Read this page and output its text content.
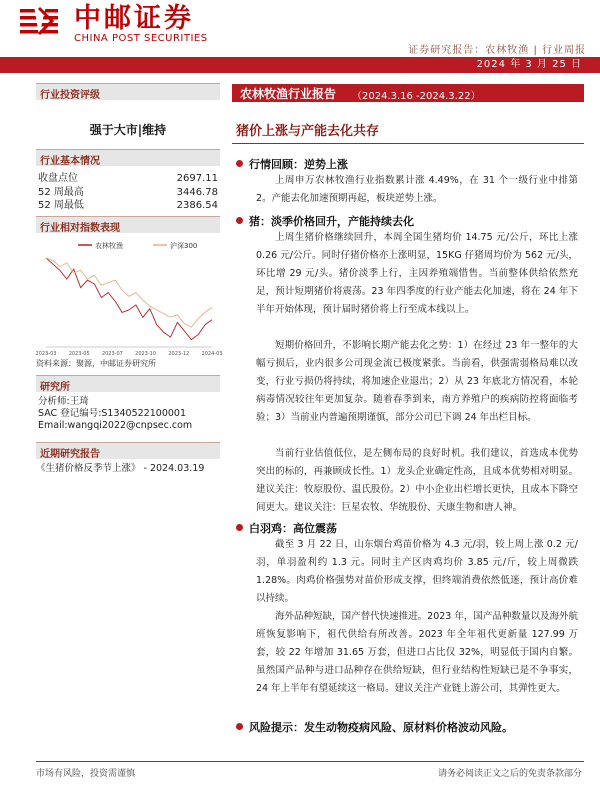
中邮证券
CHINA POST SECURITIES
证券研究报告：农林牧渔 | 行业周报
2024 年 3 月 25 日
行业投资评级
强于大市|维持
行业基本情况
收盘点位	2697.11
52 周最高	3446.78
52 周最低	2386.54
行业相对指数表现
农林牧渔	沪深300
2023-03 2023-05 2023-07 2023-10 2023-12 2024-03
资料来源：聚源，中邮证券研究所
研究所
分析师:王琦
SAC 登记编号:S1340522100001
Email:wangqi2022@cnpsec.com
近期研究报告
《生猪价格反季节上涨》 - 2024.03.19
农林牧渔行业报告 （2024.3.16 -2024.3.22）
猪价上涨与产能去化共存
行情回顾：逆势上涨
上周申万农林牧渔行业指数累计涨 4.49%，在 31 个一级行业中排第 2。产能去化加速预期再起，板块逆势上涨。
猪：淡季价格回升，产能持续去化
上周生猪价格继续回升，本周全国生猪均价 14.75 元/公斤，环比上涨 0.26 元/公斤。同时仔猪价格亦上涨明显，15KG 仔猪周均价为 562 元/头，环比增 29 元/头。猪价淡季上行，主因养殖端惜售。当前整体供给依然充足，预计短期猪价将震荡。23 年四季度的行业产能去化加速，将在 24 年下半年开始体现，预计届时猪价将上行至成本线以上。
短期价格回升，不影响长期产能去化之势：1）在经过 23 年一整年的大幅亏损后，业内很多公司现金流已极度紧张。当前看，供强需弱格局难以改变，行业亏损仍将持续，将加速企业退出；2）从 23 年底北方情况看，本轮病毒情况较往年更加复杂。随着春季到来，南方养殖户的疾病防控将面临考验；3）当前业内普遍预期谨慎，部分公司已下调 24 年出栏目标。
当前行业估值低位，是左侧布局的良好时机。我们建议，首选成本优势突出的标的，再兼顾成长性。1）龙头企业确定性高，且成本优势相对明显。建议关注：牧原股份、温氏股份。2）中小企业出栏增长更快，且成本下降空间更大。建议关注：巨星农牧、华统股份、天康生物和唐人神。
白羽鸡：高位震荡
截至 3 月 22 日，山东烟台鸡苗价格为 4.3 元/羽，较上周上涨 0.2 元/羽，单羽盈利约 1.3 元。同时主产区肉鸡均价 3.85 元/斤，较上周微跌 1.28%。肉鸡价格强势对苗价形成支撑，但终端消费依然低迷，预计高价难以持续。
海外品种短缺，国产替代快速推进。2023 年，国产品种数量以及海外航班恢复影响下，祖代供给有所改善。2023 年全年祖代更新量 127.99 万套，较 22 年增加 31.65 万套，但进口占比仅 32%，明显低于国内自繁。虽然国产品种与进口品种存在供给短缺，但行业结构性短缺已是不争事实， 24 年上半年有望延续这一格局。建议关注产业链上游公司，其弹性更大。
风险提示：发生动物疫病风险、原材料价格波动风险。
市场有风险，投资需谨慎	请务必阅读正文之后的免责条款部分
